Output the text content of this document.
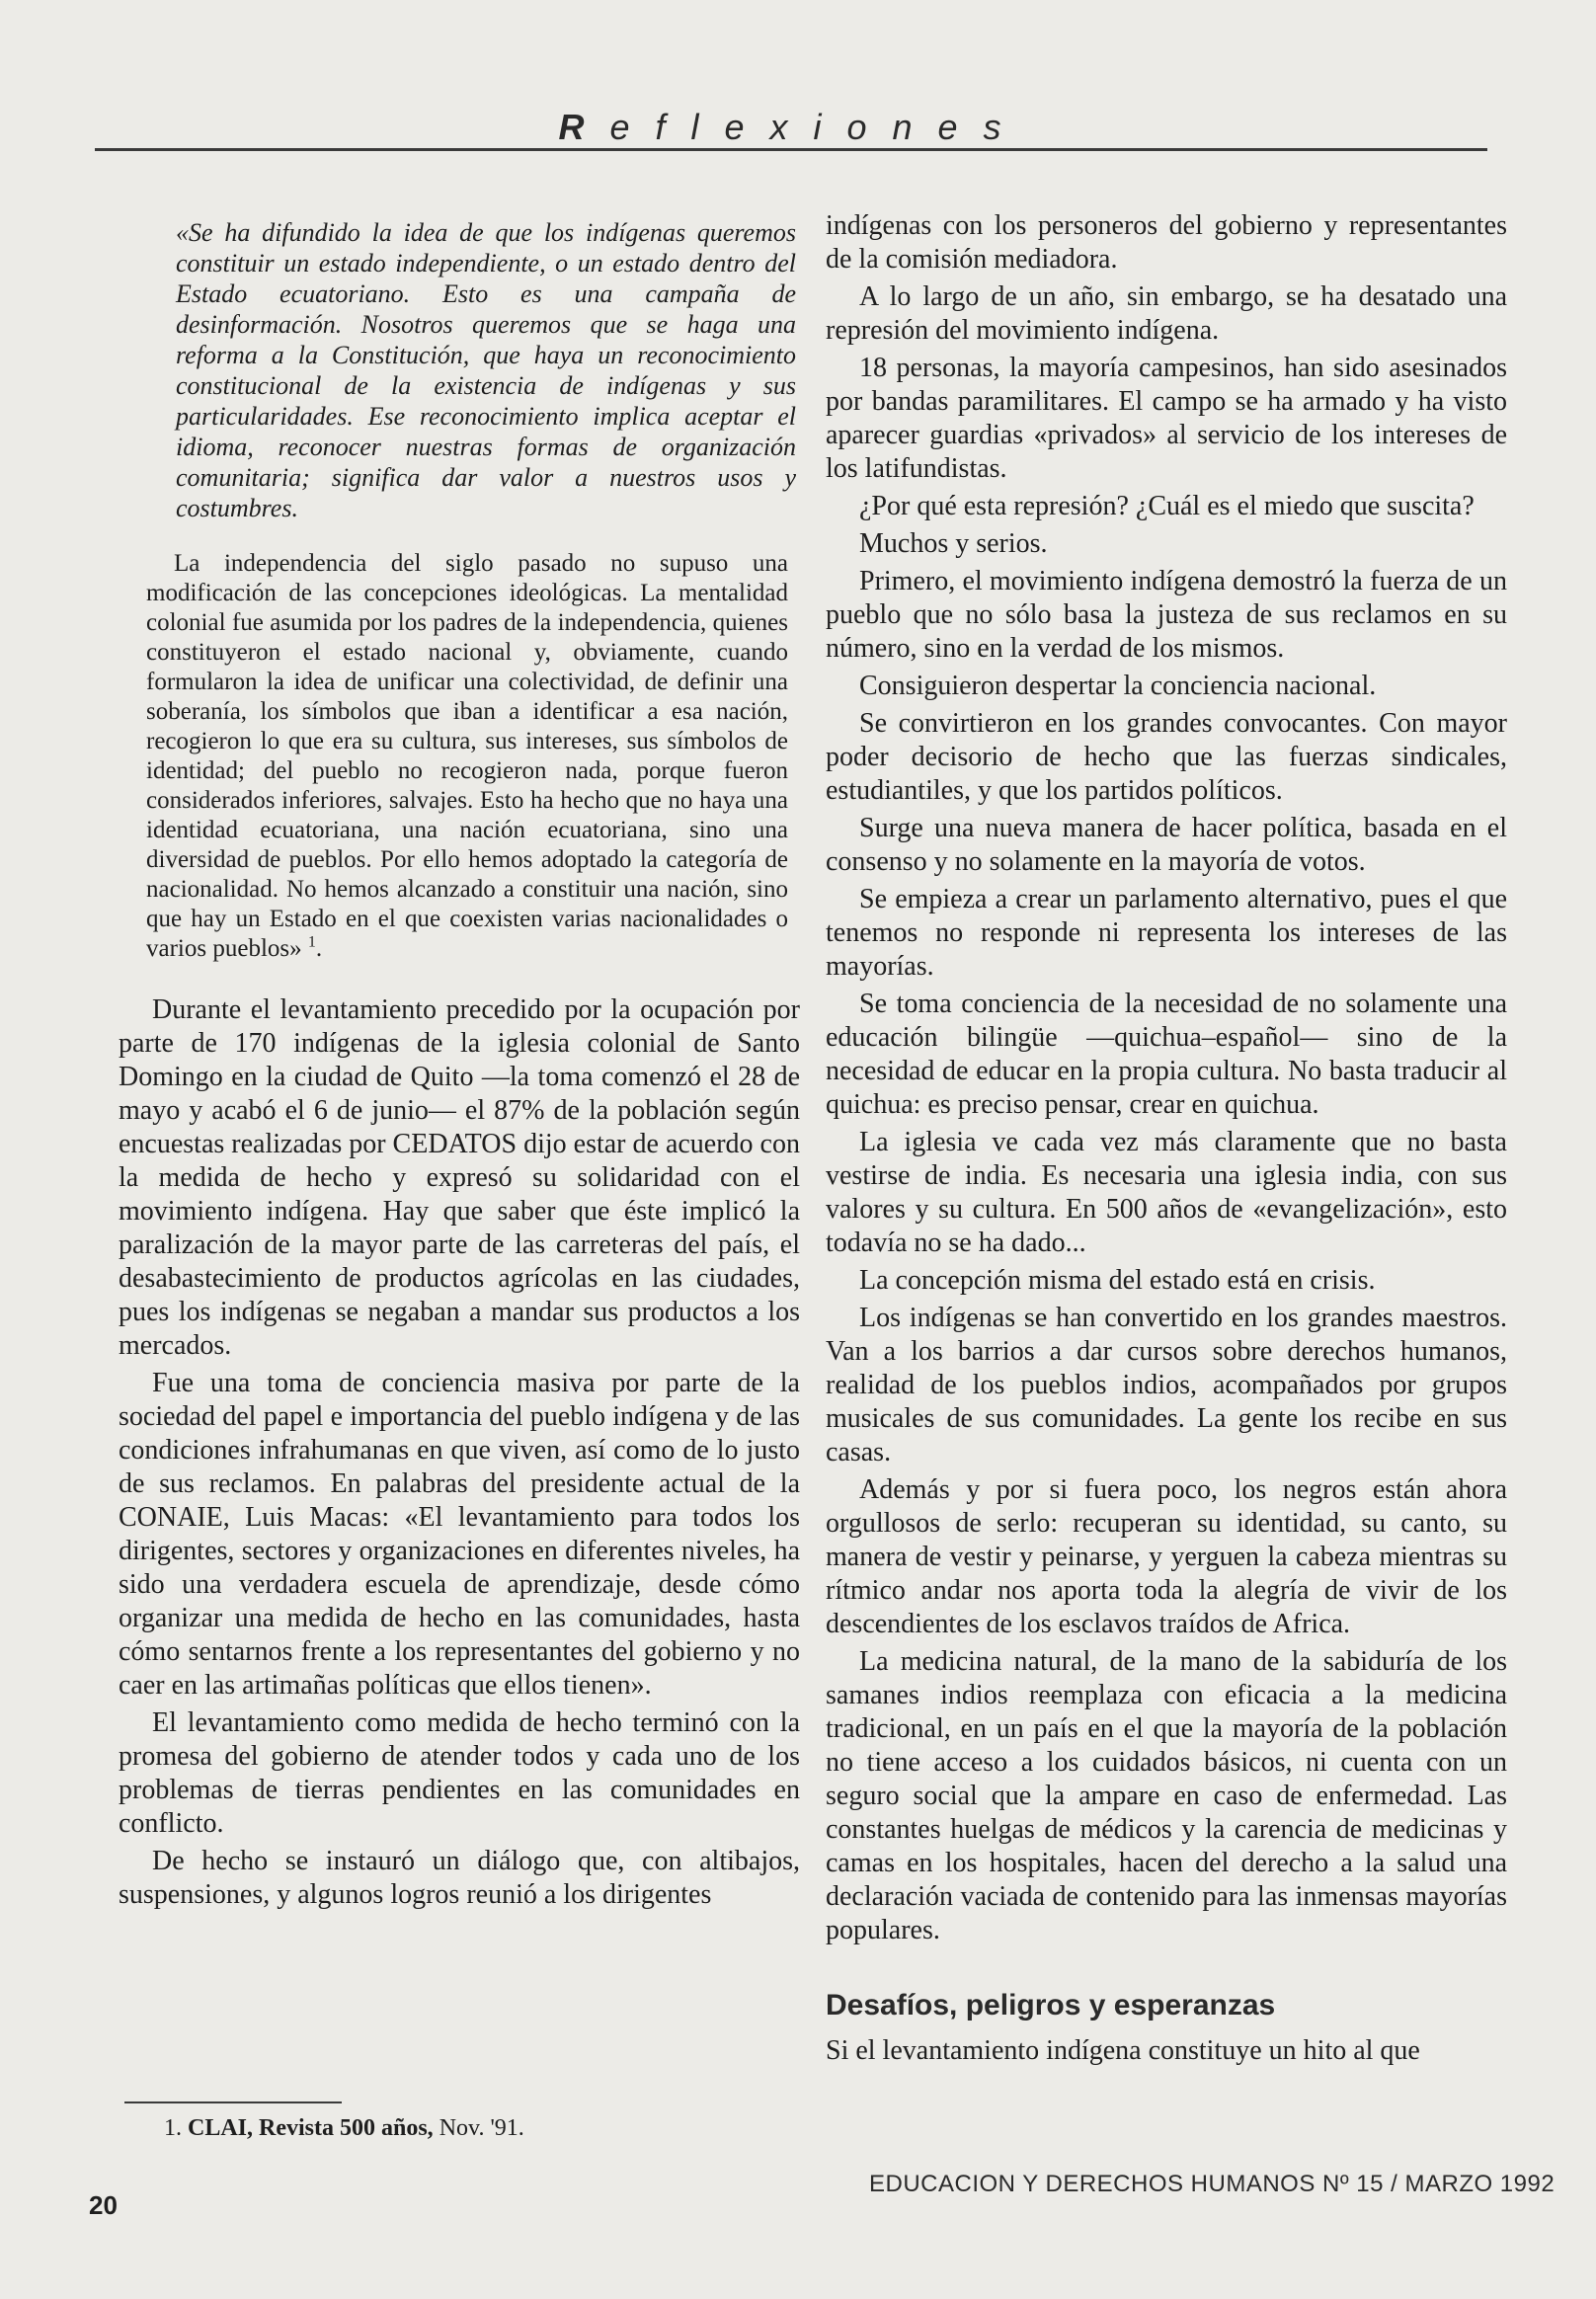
Reflexiones

«Se ha difundido la idea de que los indígenas queremos constituir un estado independiente, o un estado dentro del Estado ecuatoriano. Esto es una campaña de desinformación. Nosotros queremos que se haga una reforma a la Constitución, que haya un reconocimiento constitucional de la existencia de indígenas y sus particularidades. Ese reconocimiento implica aceptar el idioma, reconocer nuestras formas de organización comunitaria; significa dar valor a nuestros usos y costumbres.

La independencia del siglo pasado no supuso una modificación de las concepciones ideológicas. La mentalidad colonial fue asumida por los padres de la independencia, quienes constituyeron el estado nacional y, obviamente, cuando formularon la idea de unificar una colectividad, de definir una soberanía, los símbolos que iban a identificar a esa nación, recogieron lo que era su cultura, sus intereses, sus símbolos de identidad; del pueblo no recogieron nada, porque fueron considerados inferiores, salvajes. Esto ha hecho que no haya una identidad ecuatoriana, una nación ecuatoriana, sino una diversidad de pueblos. Por ello hemos adoptado la categoría de nacionalidad. No hemos alcanzado a constituir una nación, sino que hay un Estado en el que coexisten varias nacionalidades o varios pueblos» $^1$.

Durante el levantamiento precedido por la ocupación por parte de 170 indígenas de la iglesia colonial de Santo Domingo en la ciudad de Quito —la toma comenzó el 28 de mayo y acabó el 6 de junio— el 87% de la población según encuestas realizadas por CEDATOS dijo estar de acuerdo con la medida de hecho y expresó su solidaridad con el movimiento indígena. Hay que saber que éste implicó la paralización de la mayor parte de las carreteras del país, el desabastecimiento de productos agrícolas en las ciudades, pues los indígenas se negaban a mandar sus productos a los mercados.

Fue una toma de conciencia masiva por parte de la sociedad del papel e importancia del pueblo indígena y de las condiciones infrahumanas en que viven, así como de lo justo de sus reclamos. En palabras del presidente actual de la CONAIE, Luis Macas: «El levantamiento para todos los dirigentes, sectores y organizaciones en diferentes niveles, ha sido una verdadera escuela de aprendizaje, desde cómo organizar una medida de hecho en las comunidades, hasta cómo sentarnos frente a los representantes del gobierno y no caer en las artimañas políticas que ellos tienen».

El levantamiento como medida de hecho terminó con la promesa del gobierno de atender todos y cada uno de los problemas de tierras pendientes en las comunidades en conflicto.

De hecho se instauró un diálogo que, con altibajos, suspensiones, y algunos logros reunió a los dirigentes

indígenas con los personeros del gobierno y representantes de la comisión mediadora.

A lo largo de un año, sin embargo, se ha desatado una represión del movimiento indígena.

18 personas, la mayoría campesinos, han sido asesinados por bandas paramilitares. El campo se ha armado y ha visto aparecer guardias «privados» al servicio de los intereses de los latifundistas.

¿Por qué esta represión? ¿Cuál es el miedo que suscita?

Muchos y serios.

Primero, el movimiento indígena demostró la fuerza de un pueblo que no sólo basa la justeza de sus reclamos en su número, sino en la verdad de los mismos.

Consiguieron despertar la conciencia nacional.

Se convirtieron en los grandes convocantes. Con mayor poder decisorio de hecho que las fuerzas sindicales, estudiantiles, y que los partidos políticos.

Surge una nueva manera de hacer política, basada en el consenso y no solamente en la mayoría de votos.

Se empieza a crear un parlamento alternativo, pues el que tenemos no responde ni representa los intereses de las mayorías.

Se toma conciencia de la necesidad de no solamente una educación bilingüe —quichua–español— sino de la necesidad de educar en la propia cultura. No basta traducir al quichua: es preciso pensar, crear en quichua.

La iglesia ve cada vez más claramente que no basta vestirse de india. Es necesaria una iglesia india, con sus valores y su cultura. En 500 años de «evangelización», esto todavía no se ha dado...

La concepción misma del estado está en crisis.

Los indígenas se han convertido en los grandes maestros. Van a los barrios a dar cursos sobre derechos humanos, realidad de los pueblos indios, acompañados por grupos musicales de sus comunidades. La gente los recibe en sus casas.

Además y por si fuera poco, los negros están ahora orgullosos de serlo: recuperan su identidad, su canto, su manera de vestir y peinarse, y yerguen la cabeza mientras su rítmico andar nos aporta toda la alegría de vivir de los descendientes de los esclavos traídos de Africa.

La medicina natural, de la mano de la sabiduría de los samanes indios reemplaza con eficacia a la medicina tradicional, en un país en el que la mayoría de la población no tiene acceso a los cuidados básicos, ni cuenta con un seguro social que la ampare en caso de enfermedad. Las constantes huelgas de médicos y la carencia de medicinas y camas en los hospitales, hacen del derecho a la salud una declaración vaciada de contenido para las inmensas mayorías populares.

Desafíos, peligros y esperanzas

Si el levantamiento indígena constituye un hito al que

1. CLAI, Revista 500 años, Nov. '91.
20
EDUCACION Y DERECHOS HUMANOS Nº 15 / MARZO 1992
